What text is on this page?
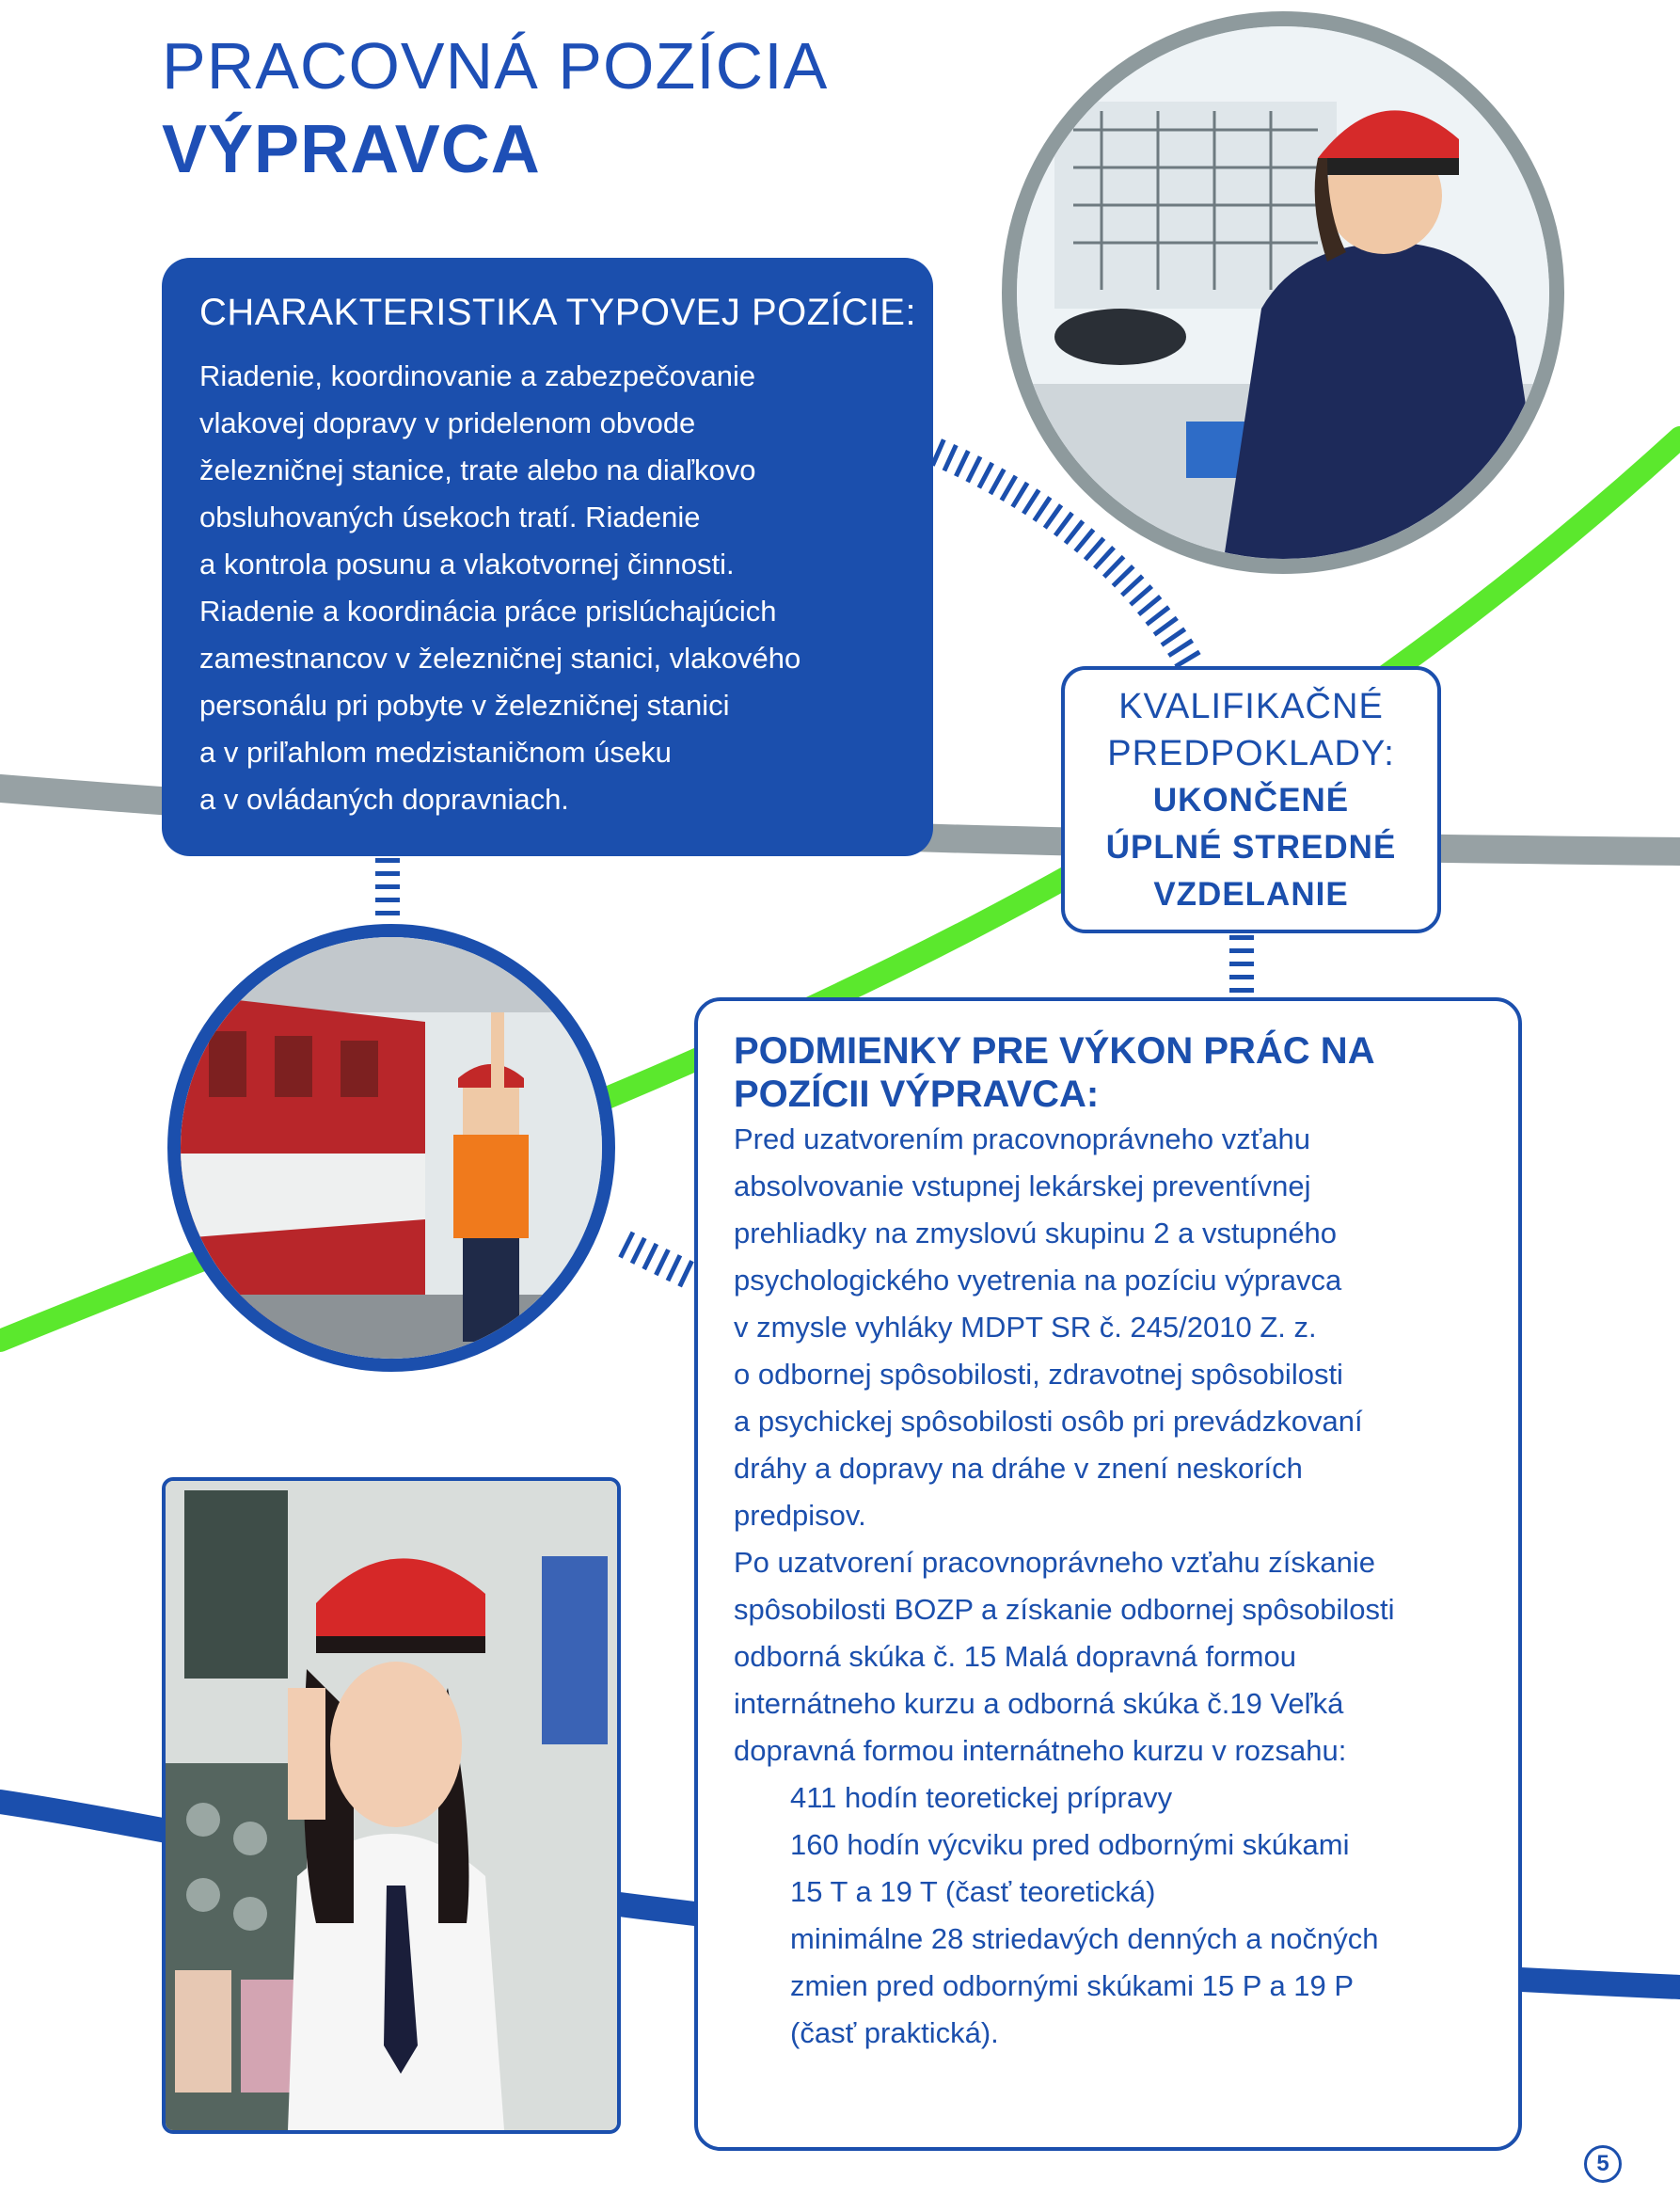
PRACOVNÁ POZÍCIA
VÝPRAVCA
CHARAKTERISTIKA TYPOVEJ POZÍCIE:
Riadenie, koordinovanie a zabezpečovanie
vlakovej dopravy v pridelenom obvode
železničnej stanice, trate alebo na diaľkovo
obsluhovaných úsekoch tratí. Riadenie
a kontrola posunu a vlakotvornej činnosti.
Riadenie a koordinácia práce prislúchajúcich
zamestnancov v železničnej stanici, vlakového
personálu pri pobyte v železničnej stanici
a v priľahlom medzistaničnom úseku
a v ovládaných dopravniach.
KVALIFIKAČNÉ
PREDPOKLADY:
UKONČENÉ
ÚPLNÉ STREDNÉ
VZDELANIE
PODMIENKY PRE VÝKON PRÁC NA POZÍCII VÝPRAVCA:
Pred uzatvorením pracovnoprávneho vzťahu
absolvovanie vstupnej lekárskej preventívnej
prehliadky na zmyslovú skupinu 2 a vstupného
psychologického vyetrenia na pozíciu výpravca
v zmysle vyhláky MDPT SR č. 245/2010 Z. z.
o odbornej spôsobilosti, zdravotnej spôsobilosti
a psychickej spôsobilosti osôb pri prevádzkovaní
dráhy a dopravy na dráhe v znení neskorích
predpisov.
Po uzatvorení pracovnoprávneho vzťahu získanie
spôsobilosti BOZP a získanie odbornej spôsobilosti
odborná skúka č. 15 Malá dopravná formou
internátneho kurzu a odborná skúka č.19 Veľká
dopravná formou internátneho kurzu v rozsahu:
411 hodín teoretickej prípravy
160 hodín výcviku pred odbornými skúkami
15 T a 19 T (časť teoretická)
minimálne 28 striedavých denných a nočných
zmien pred odbornými skúkami 15 P a 19 P
(časť praktická).
5
